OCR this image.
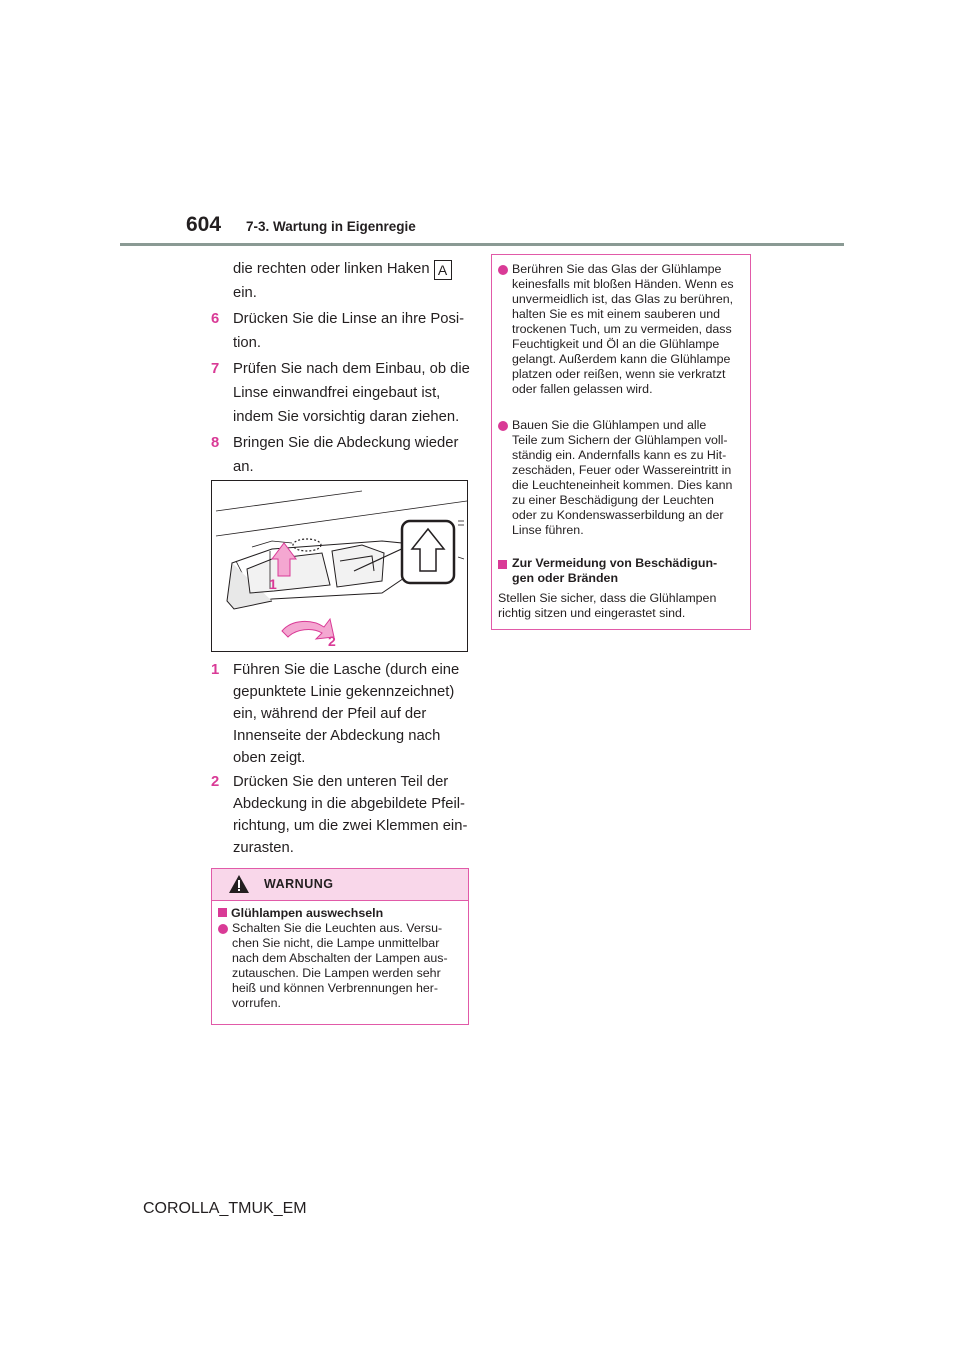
604 7-3. Wartung in Eigenregie
die rechten oder linken Haken A
ein.
6 Drücken Sie die Linse an ihre Posi-
tion.
7 Prüfen Sie nach dem Einbau, ob die
Linse einwandfrei eingebaut ist,
indem Sie vorsichtig daran ziehen.
8 Bringen Sie die Abdeckung wieder
an.
1
2
1 Führen Sie die Lasche (durch eine
gepunktete Linie gekennzeichnet)
ein, während der Pfeil auf der
Innenseite der Abdeckung nach
oben zeigt.
2 Drücken Sie den unteren Teil der
Abdeckung in die abgebildete Pfeil-
richtung, um die zwei Klemmen ein-
zurasten.
WARNUNG
Glühlampen auswechseln
Schalten Sie die Leuchten aus. Versu-
chen Sie nicht, die Lampe unmittelbar
nach dem Abschalten der Lampen aus-
zutauschen. Die Lampen werden sehr
heiß und können Verbrennungen her-
vorrufen.
Berühren Sie das Glas der Glühlampe
keinesfalls mit bloßen Händen. Wenn es
unvermeidlich ist, das Glas zu berühren,
halten Sie es mit einem sauberen und
trockenen Tuch, um zu vermeiden, dass
Feuchtigkeit und Öl an die Glühlampe
gelangt. Außerdem kann die Glühlampe
platzen oder reißen, wenn sie verkratzt
oder fallen gelassen wird.
Bauen Sie die Glühlampen und alle
Teile zum Sichern der Glühlampen voll-
ständig ein. Andernfalls kann es zu Hit-
zeschäden, Feuer oder Wassereintritt in
die Leuchteneinheit kommen. Dies kann
zu einer Beschädigung der Leuchten
oder zu Kondenswasserbildung an der
Linse führen.
Zur Vermeidung von Beschädigun-
gen oder Bränden
Stellen Sie sicher, dass die Glühlampen
richtig sitzen und eingerastet sind.
COROLLA_TMUK_EM
